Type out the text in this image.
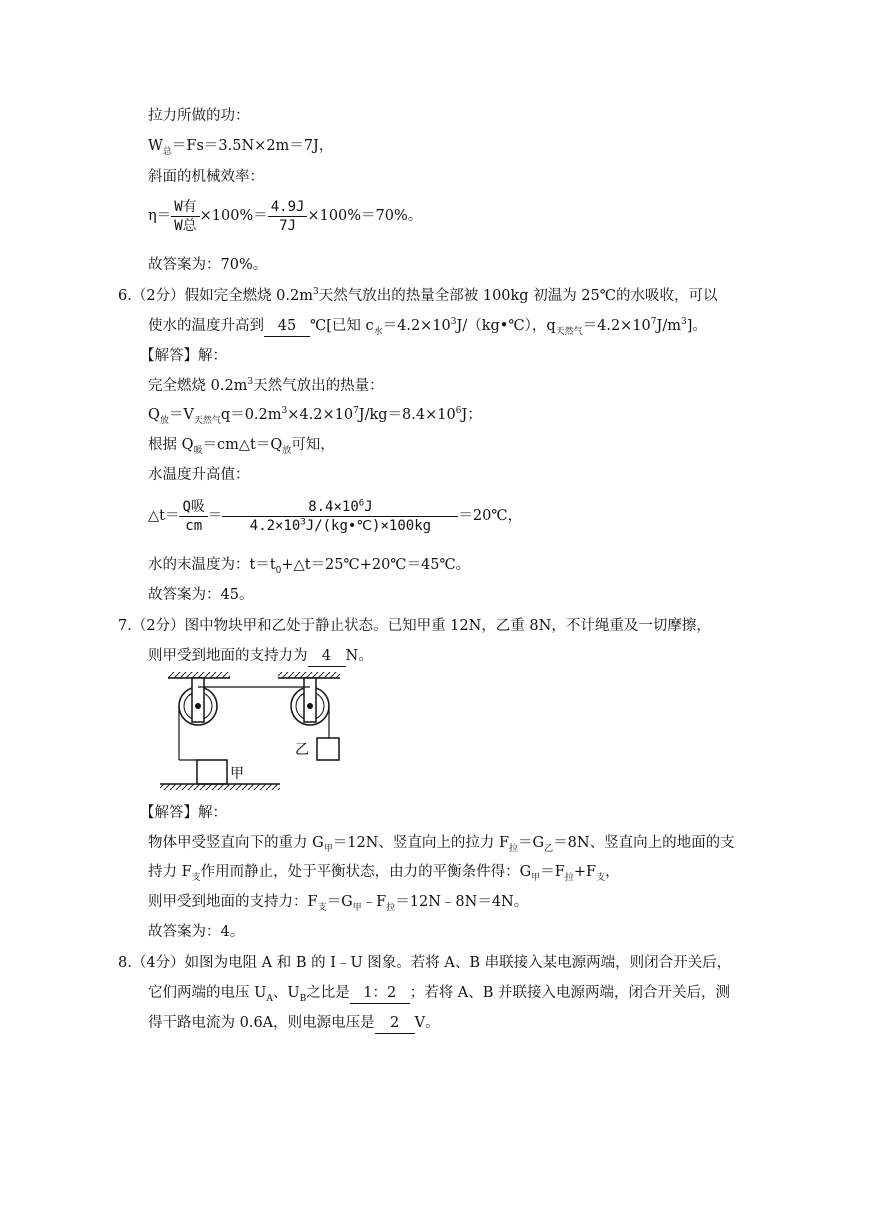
拉力所做的功：
$W_总=Fs=3.5N\times 2m=7J$，
斜面的机械效率：
$\eta= \frac{\text{W有}}{\text{W总}} \times 100\%= \frac{4.9J}{7J} \times 100\%=70\%$。
故答案为：70%。
6.（2分）假如完全燃烧 $0.2m^3$天然气放出的热量全部被 100kg 初温为 25℃的水吸收，可以
使水的温度升高到 45 ℃[已知 $c_水=4.2\times 10^3J/(kg•℃)$，$q_{天然气}=4.2\times 10^7J/m^3$]。
【解答】解：
完全燃烧 $0.2m^3$天然气放出的热量：
$Q_放=V_{天然气}q=0.2m^3\times 4.2\times 10^7J/kg=8.4\times 10^6J$；
根据 $Q_吸=cm\triangle t=Q_放$可知，
水温度升高值：
△t＝ $\frac{\text{Q吸}}{cm} = \frac{8.4\times 10^6J}{4.2\times 10^3J/(kg•℃)\times 100kg}$ ＝20℃，
水的末温度为：$t=t_0+\triangle t=25℃+20℃=45℃$。
故答案为：45。
7.（2分）图中物块甲和乙处于静止状态。已知甲重 12N，乙重 8N，不计绳重及一切摩擦，
则甲受到地面的支持力为 4 N。
甲
乙
【解答】解：
物体甲受竖直向下的重力 $G_甲=12N$、竖直向上的拉力 $F_拉=G_乙=8N$、竖直向上的地面的支
持力 $F_支$作用而静止，处于平衡状态，由力的平衡条件得：$G_甲=F_拉+F_支$，
则甲受到地面的支持力：$F_支=G_甲﹣F_拉=12N﹣8N=4N$。
故答案为：4。
8.（4分）如图为电阻 A 和 B 的 I﹣U 图象。若将 A、B 串联接入某电源两端，则闭合开关后，
它们两端的电压 $U_A$、$U_B$之比是 1：2 ；若将 A、B 并联接入电源两端，闭合开关后，测
得干路电流为 0.6A，则电源电压是 2 V。
